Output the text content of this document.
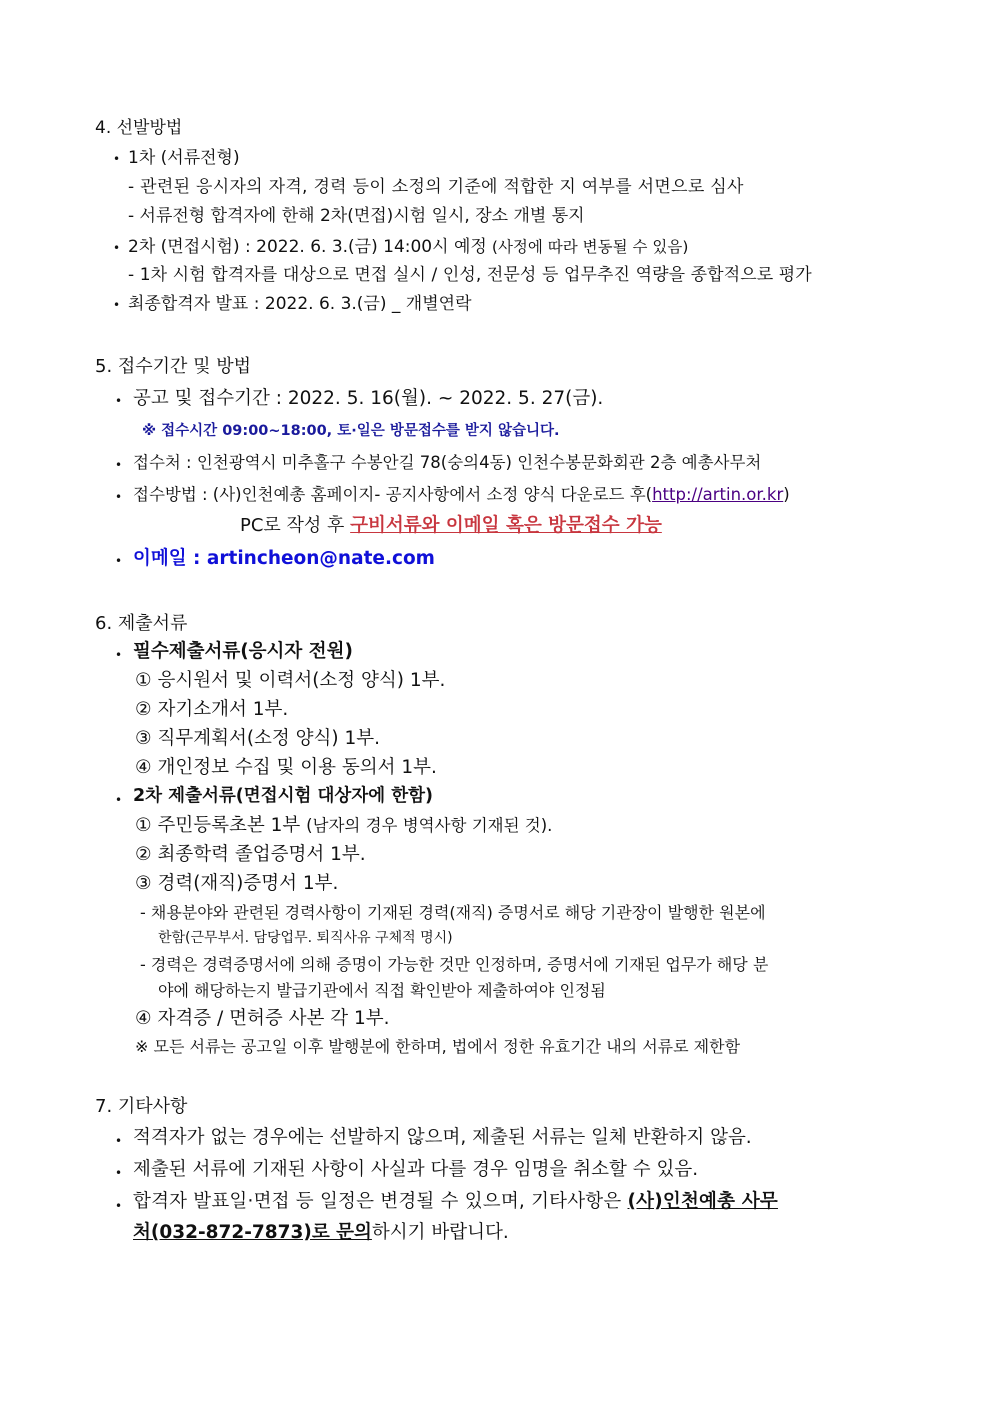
4. 선발방법
• 1차 (서류전형)
- 관련된 응시자의 자격, 경력 등이 소정의 기준에 적합한 지 여부를 서면으로 심사
- 서류전형 합격자에 한해 2차(면접)시험 일시, 장소 개별 통지
• 2차 (면접시험) : 2022. 6. 3.(금) 14:00시 예정 (사정에 따라 변동될 수 있음)
- 1차 시험 합격자를 대상으로 면접 실시 / 인성, 전문성 등 업무추진 역량을 종합적으로 평가
• 최종합격자 발표 : 2022. 6. 3.(금) _ 개별연락
5. 접수기간 및 방법
• 공고 및 접수기간 : 2022. 5. 16(월). ~ 2022. 5. 27(금).
※ 접수시간 09:00~18:00, 토·일은 방문접수를 받지 않습니다.
• 접수처 : 인천광역시 미추홀구 수봉안길 78(숭의4동) 인천수봉문화회관 2층 예총사무처
• 접수방법 : (사)인천예총 홈페이지- 공지사항에서 소정 양식 다운로드 후(http://artin.or.kr)
PC로 작성 후 구비서류와 이메일 혹은 방문접수 가능
• 이메일 : artincheon@nate.com
6. 제출서류
• 필수제출서류(응시자 전원)
① 응시원서 및 이력서(소정 양식) 1부.
② 자기소개서 1부.
③ 직무계획서(소정 양식) 1부.
④ 개인정보 수집 및 이용 동의서 1부.
• 2차 제출서류(면접시험 대상자에 한함)
① 주민등록초본 1부 (남자의 경우 병역사항 기재된 것).
② 최종학력 졸업증명서 1부.
③ 경력(재직)증명서 1부.
- 채용분야와 관련된 경력사항이 기재된 경력(재직) 증명서로 해당 기관장이 발행한 원본에
한함(근무부서. 담당업무. 퇴직사유 구체적 명시)
- 경력은 경력증명서에 의해 증명이 가능한 것만 인정하며, 증명서에 기재된 업무가 해당 분
야에 해당하는지 발급기관에서 직접 확인받아 제출하여야 인정됨
④ 자격증 / 면허증 사본 각 1부.
※ 모든 서류는 공고일 이후 발행분에 한하며, 법에서 정한 유효기간 내의 서류로 제한함
7. 기타사항
• 적격자가 없는 경우에는 선발하지 않으며, 제출된 서류는 일체 반환하지 않음.
• 제출된 서류에 기재된 사항이 사실과 다를 경우 임명을 취소할 수 있음.
• 합격자 발표일·면접 등 일정은 변경될 수 있으며, 기타사항은 (사)인천예총 사무
처(032-872-7873)로 문의하시기 바랍니다.
